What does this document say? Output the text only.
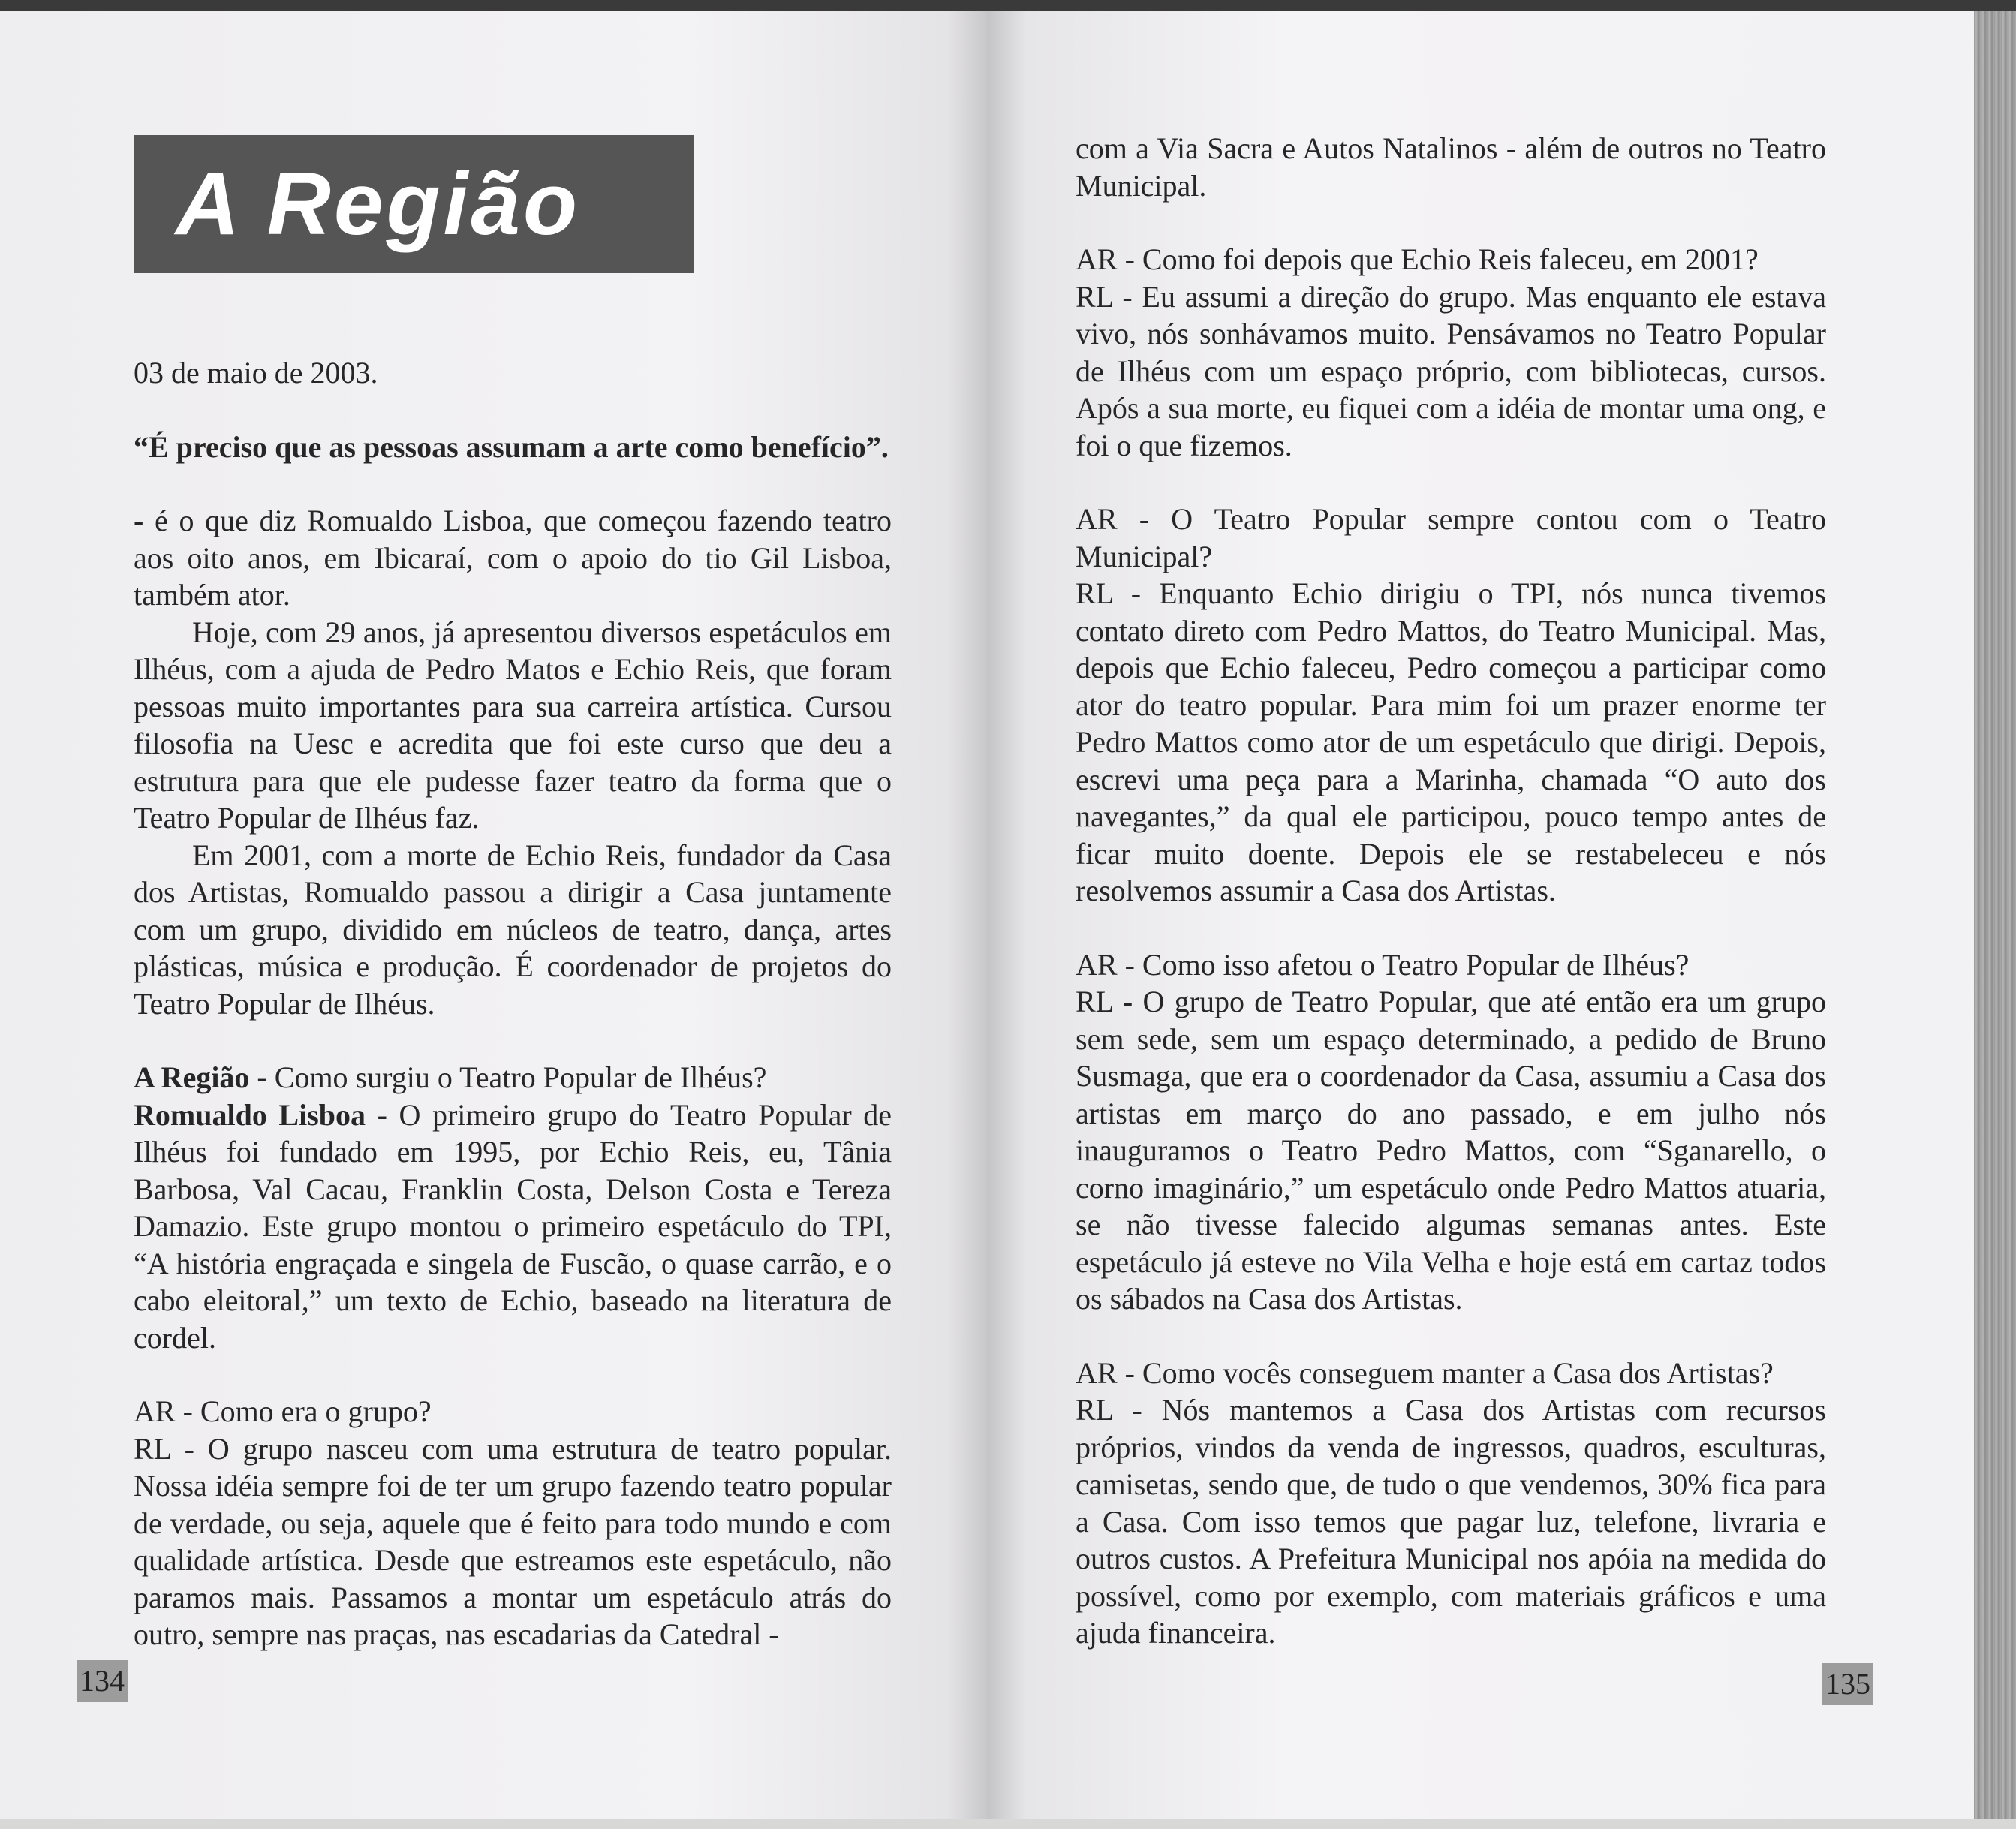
A Região

03 de maio de 2003.

“É preciso que as pessoas assumam a arte como benefício”.

- é o que diz Romualdo Lisboa, que começou fazendo teatro aos oito anos, em Ibicaraí, com o apoio do tio Gil Lisboa, também ator.

Hoje, com 29 anos, já apresentou diversos espetáculos em Ilhéus, com a ajuda de Pedro Matos e Echio Reis, que foram pessoas muito importantes para sua carreira artística. Cursou filosofia na Uesc e acredita que foi este curso que deu a estrutura para que ele pudesse fazer teatro da forma que o Teatro Popular de Ilhéus faz.

Em 2001, com a morte de Echio Reis, fundador da Casa dos Artistas, Romualdo passou a dirigir a Casa juntamente com um grupo, dividido em núcleos de teatro, dança, artes plásticas, música e produção. É coordenador de projetos do Teatro Popular de Ilhéus.

A Região - Como surgiu o Teatro Popular de Ilhéus?

Romualdo Lisboa - O primeiro grupo do Teatro Popular de Ilhéus foi fundado em 1995, por Echio Reis, eu, Tânia Barbosa, Val Cacau, Franklin Costa, Delson Costa e Tereza Damazio. Este grupo montou o primeiro espetáculo do TPI, “A história engraçada e singela de Fuscão, o quase carrão, e o cabo eleitoral,” um texto de Echio, baseado na literatura de cordel.

AR - Como era o grupo?

RL - O grupo nasceu com uma estrutura de teatro popular. Nossa idéia sempre foi de ter um grupo fazendo teatro popular de verdade, ou seja, aquele que é feito para todo mundo e com qualidade artística. Desde que estreamos este espetáculo, não paramos mais. Passamos a montar um espetáculo atrás do outro, sempre nas praças, nas escadarias da Catedral -

134

com a Via Sacra e Autos Natalinos - além de outros no Teatro Municipal.

AR - Como foi depois que Echio Reis faleceu, em 2001?

RL - Eu assumi a direção do grupo. Mas enquanto ele estava vivo, nós sonhávamos muito. Pensávamos no Teatro Popular de Ilhéus com um espaço próprio, com bibliotecas, cursos. Após a sua morte, eu fiquei com a idéia de montar uma ong, e foi o que fizemos.

AR - O Teatro Popular sempre contou com o Teatro Municipal?

RL - Enquanto Echio dirigiu o TPI, nós nunca tivemos contato direto com Pedro Mattos, do Teatro Municipal. Mas, depois que Echio faleceu, Pedro começou a participar como ator do teatro popular. Para mim foi um prazer enorme ter Pedro Mattos como ator de um espetáculo que dirigi. Depois, escrevi uma peça para a Marinha, chamada “O auto dos navegantes,” da qual ele participou, pouco tempo antes de ficar muito doente. Depois ele se restabeleceu e nós resolvemos assumir a Casa dos Artistas.

AR - Como isso afetou o Teatro Popular de Ilhéus?

RL - O grupo de Teatro Popular, que até então era um grupo sem sede, sem um espaço determinado, a pedido de Bruno Susmaga, que era o coordenador da Casa, assumiu a Casa dos artistas em março do ano passado, e em julho nós inauguramos o Teatro Pedro Mattos, com “Sganarello, o corno imaginário,” um espetáculo onde Pedro Mattos atuaria, se não tivesse falecido algumas semanas antes. Este espetáculo já esteve no Vila Velha e hoje está em cartaz todos os sábados na Casa dos Artistas.

AR - Como vocês conseguem manter a Casa dos Artistas?

RL - Nós mantemos a Casa dos Artistas com recursos próprios, vindos da venda de ingressos, quadros, esculturas, camisetas, sendo que, de tudo o que vendemos, 30% fica para a Casa. Com isso temos que pagar luz, telefone, livraria e outros custos. A Prefeitura Municipal nos apóia na medida do possível, como por exemplo, com materiais gráficos e uma ajuda financeira.

135
